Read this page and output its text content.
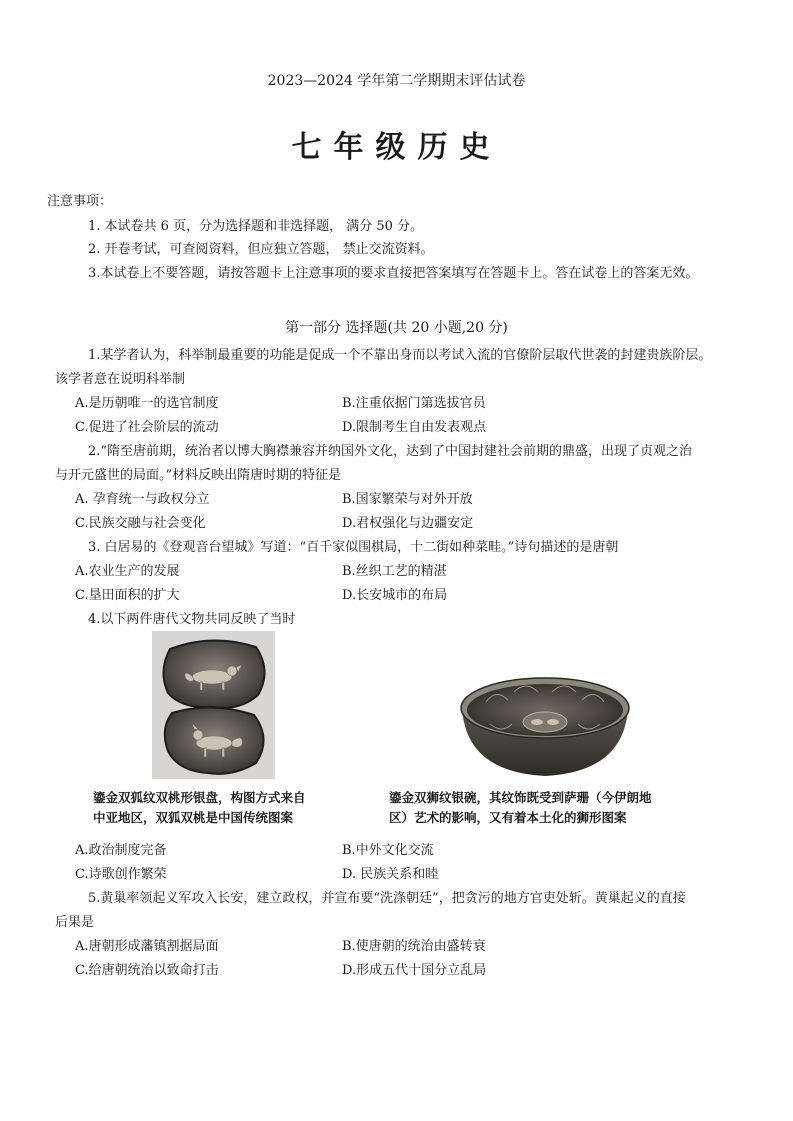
2023—2024 学年第二学期期末评估试卷
七年级历史
注意事项：
1. 本试卷共 6 页，分为选择题和非选择题， 满分 50 分。
2. 开卷考试，可查阅资料，但应独立答题， 禁止交流资料。
3.本试卷上不要答题，请按答题卡上注意事项的要求直接把答案填写在答题卡上。答在试卷上的答案无效。
第一部分 选择题(共 20 小题,20 分)
1.某学者认为，科举制最重要的功能是促成一个不靠出身而以考试入流的官僚阶层取代世袭的封建贵族阶层。
该学者意在说明科举制
A.是历朝唯一的选官制度	B.注重依据门第选拔官员
C.促进了社会阶层的流动	D.限制考生自由发表观点
2.“隋至唐前期，统治者以博大胸襟兼容并纳国外文化，达到了中国封建社会前期的鼎盛，出现了贞观之治
与开元盛世的局面。”材料反映出隋唐时期的特征是
A. 孕育统一与政权分立	B.国家繁荣与对外开放
C.民族交融与社会变化	D.君权强化与边疆安定
3. 白居易的《登观音台望城》写道：“百千家似围棋局，十二街如种菜畦。”诗句描述的是唐朝
A.农业生产的发展	B.丝织工艺的精湛
C.垦田面积的扩大	D.长安城市的布局
4.以下两件唐代文物共同反映了当时
鎏金双狐纹双桃形银盘，构图方式来自
中亚地区，双狐双桃是中国传统图案
鎏金双狮纹银碗，其纹饰既受到萨珊（今伊朗地
区）艺术的影响，又有着本土化的狮形图案
A.政治制度完备	B.中外文化交流
C.诗歌创作繁荣	D. 民族关系和睦
5.黄巢率领起义军攻入长安，建立政权，并宣布要“洗涤朝廷”，把贪污的地方官吏处斩。黄巢起义的直接
后果是
A.唐朝形成藩镇割据局面	B.使唐朝的统治由盛转衰
C.给唐朝统治以致命打击	D.形成五代十国分立乱局
